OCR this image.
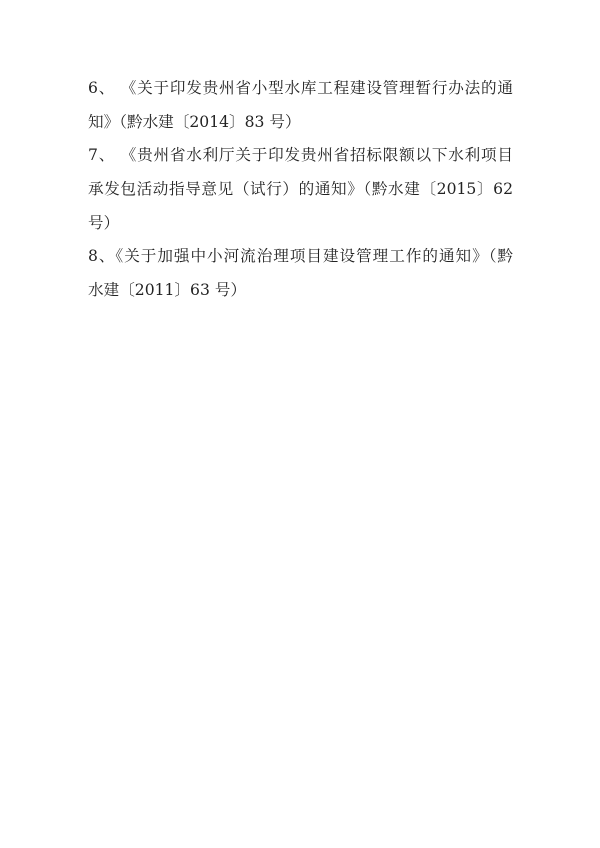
6、 《关于印发贵州省小型水库工程建设管理暂行办法的通
知》（黔水建〔2014〕83 号）
7、 《贵州省水利厅关于印发贵州省招标限额以下水利项目
承发包活动指导意见（试行）的通知》（黔水建〔2015〕62
号）
8、《关于加强中小河流治理项目建设管理工作的通知》（黔
水建〔2011〕63 号）
